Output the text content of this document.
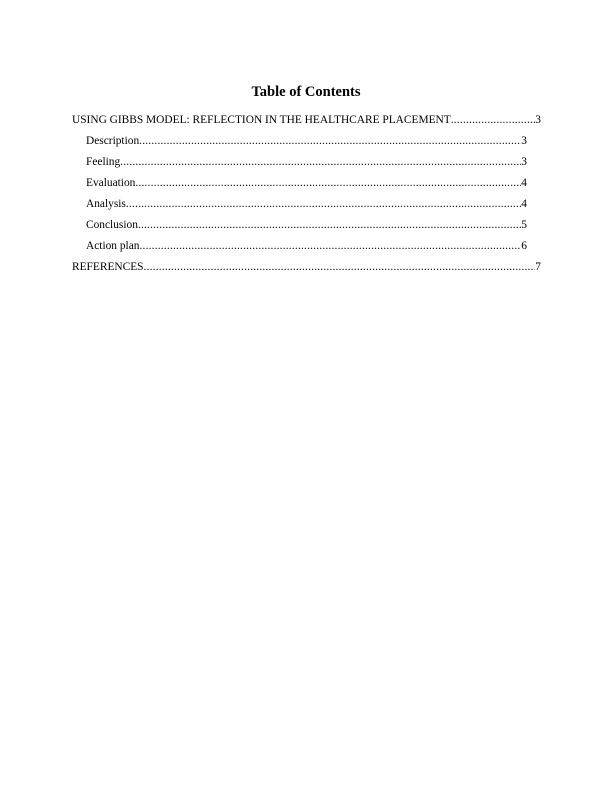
Table of Contents
USING GIBBS MODEL: REFLECTION IN THE HEALTHCARE PLACEMENT .....	3
Description .....	3
Feeling .....	3
Evaluation .....	4
Analysis .....	4
Conclusion .....	5
Action plan .....	6
REFERENCES .....	7
